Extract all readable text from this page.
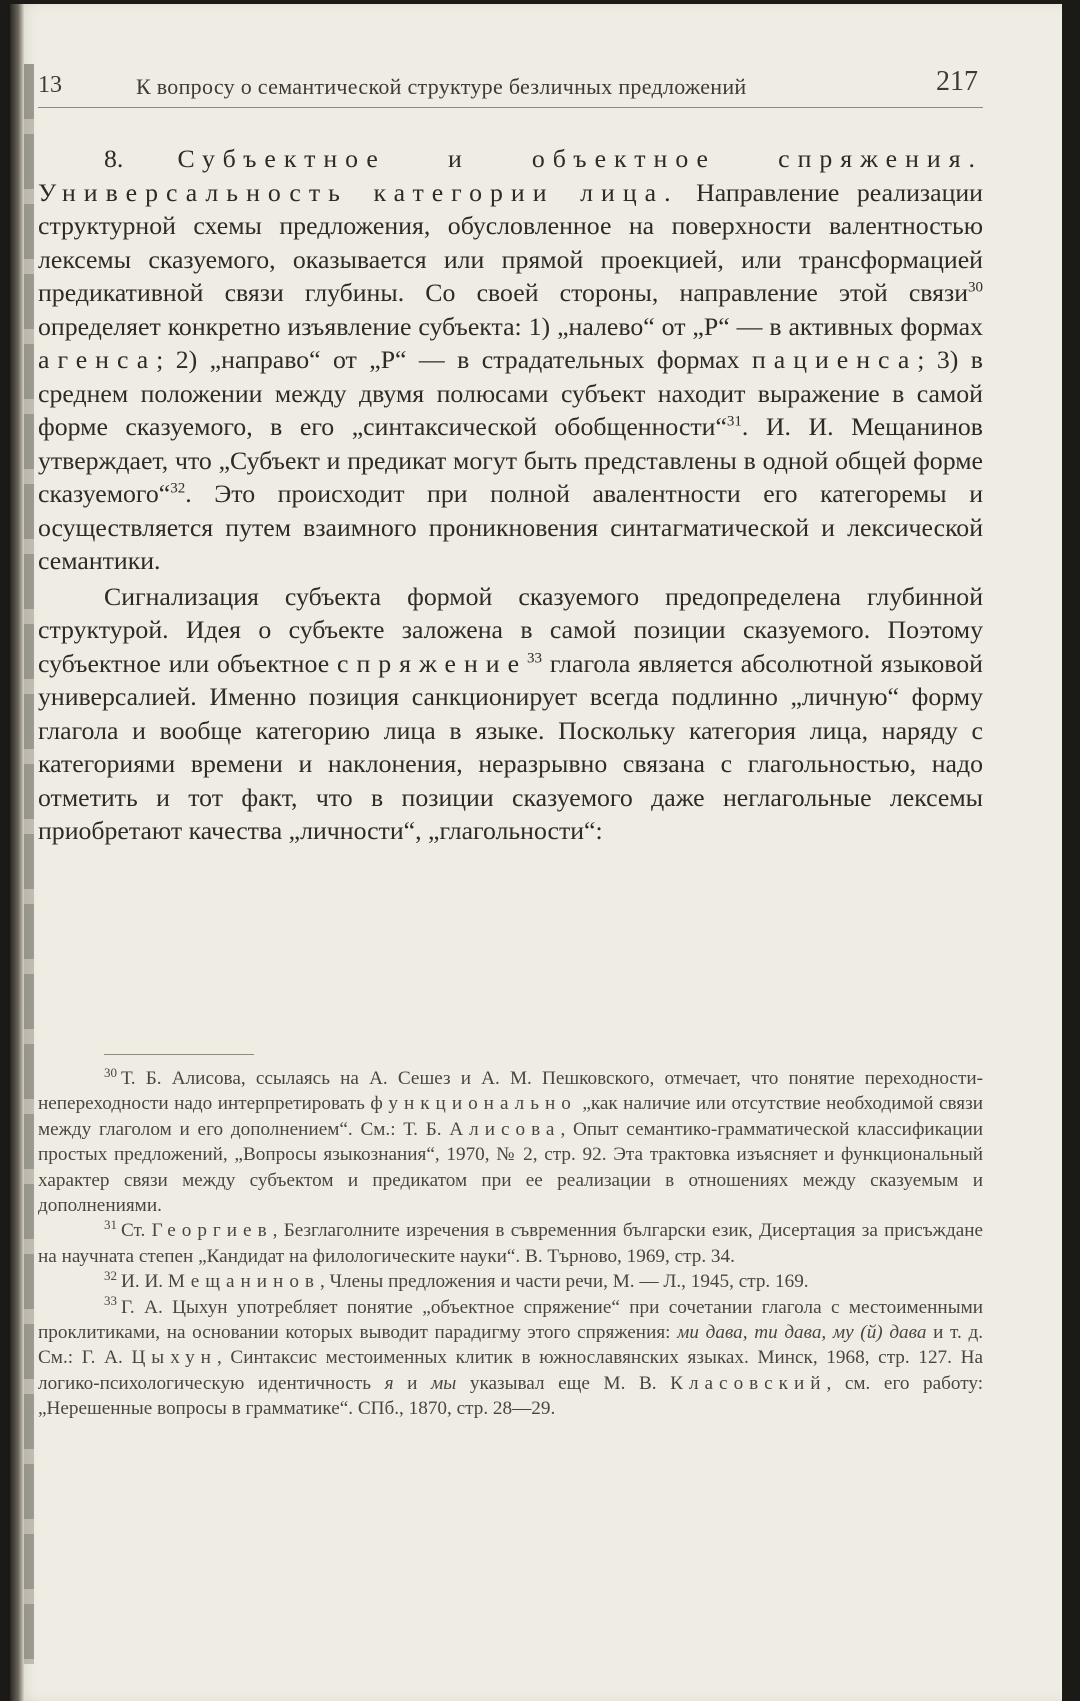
13	К вопросу о семантической структуре безличных предложений	217

8. Субъектное и объектное спряжения. Универсальность категории лица. Направление реализации структурной схемы предложения, обусловленное на поверхности валентностью лексемы сказуемого, оказывается или прямой проекцией, или трансформацией предикативной связи глубины. Со своей стороны, направление этой связи$^{30}$ определяет конкретно изъявление субъекта: 1) „налево“ от „Р“ — в активных формах агенса; 2) „направо“ от „Р“ — в страдательных формах пациенса; 3) в среднем положении между двумя полюсами субъект находит выражение в самой форме сказуемого, в его „синтаксической обобщенности“$^{31}$. И. И. Мещанинов утверждает, что „Субъект и предикат могут быть представлены в одной общей форме сказуемого“$^{32}$. Это происходит при полной авалентности его категоремы и осуществляется путем взаимного проникновения синтагматической и лексической семантики.

Сигнализация субъекта формой сказуемого предопределена глубинной структурой. Идея о субъекте заложена в самой позиции сказуемого. Поэтому субъектное или объектное спряжение$^{33}$ глагола является абсолютной языковой универсалией. Именно позиция санкционирует всегда подлинно „личную“ форму глагола и вообще категорию лица в языке. Поскольку категория лица, наряду с категориями времени и наклонения, неразрывно связана с глагольностью, надо отметить и тот факт, что в позиции сказуемого даже неглагольные лексемы приобретают качества „личности“, „глагольности“:

$^{30}$ Т. Б. Алисова, ссылаясь на А. Сешез и А. М. Пешковского, отмечает, что понятие переходности-непереходности надо интерпретировать функционально „как наличие или отсутствие необходимой связи между глаголом и его дополнением“. См.: Т. Б. Алисова, Опыт семантико-грамматической классификации простых предложений, „Вопросы языкознания“, 1970, № 2, стр. 92. Эта трактовка изъясняет и функциональный характер связи между субъектом и предикатом при ее реализации в отношениях между сказуемым и дополнениями.

$^{31}$ Ст. Георгиев, Безглаголните изречения в съвременния български език, Дисертация за присъждане на научната степен „Кандидат на филологическите науки“. В. Търново, 1969, стр. 34.

$^{32}$ И. И. Мещанинов, Члены предложения и части речи, М. — Л., 1945, стр. 169.

$^{33}$ Г. А. Цыхун употребляет понятие „объектное спряжение“ при сочетании глагола с местоименными проклитиками, на основании которых выводит парадигму этого спряжения: ми дава, ти дава, му (й) дава и т. д. См.: Г. А. Цыхун, Синтаксис местоименных клитик в южнославянских языках. Минск, 1968, стр. 127. На логико-психологическую идентичность я и мы указывал еще М. В. Класовский, см. его работу: „Нерешенные вопросы в грамматике“. СПб., 1870, стр. 28—29.
